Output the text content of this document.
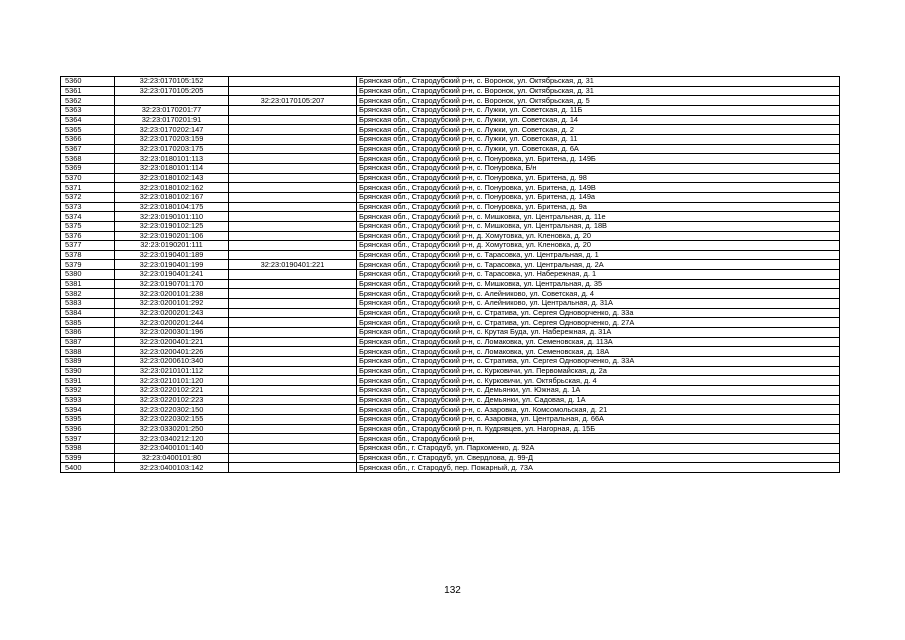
5360	32:23:0170105:152		Брянская обл., Стародубский р-н, с. Воронок, ул. Октябрьская, д. 31
5361	32:23:0170105:205		Брянская обл., Стародубский р-н, с. Воронок, ул. Октябрьская, д. 31
5362		32:23:0170105:207	Брянская обл., Стародубский р-н, с. Воронок, ул. Октябрьская, д. 5
5363	32:23:0170201:77		Брянская обл., Стародубский р-н, с. Лужки, ул. Советская, д. 11Б
5364	32:23:0170201:91		Брянская обл., Стародубский р-н, с. Лужки, ул. Советская, д. 14
5365	32:23:0170202:147		Брянская обл., Стародубский р-н, с. Лужки, ул. Советская, д. 2
5366	32:23:0170203:159		Брянская обл., Стародубский р-н, с. Лужки, ул. Советская, д. 11
5367	32:23:0170203:175		Брянская обл., Стародубский р-н, с. Лужки, ул. Советская, д. 6А
5368	32:23:0180101:113		Брянская обл., Стародубский р-н, с. Понуровка, ул. Бритена, д. 149Б
5369	32:23:0180101:114		Брянская обл., Стародубский р-н, с. Понуровка, Б/н
5370	32:23:0180102:143		Брянская обл., Стародубский р-н, с. Понуровка, ул. Бритена, д. 98
5371	32:23:0180102:162		Брянская обл., Стародубский р-н, с. Понуровка, ул. Бритена, д. 149В
5372	32:23:0180102:167		Брянская обл., Стародубский р-н, с. Понуровка, ул. Бритена, д. 149а
5373	32:23:0180104:175		Брянская обл., Стародубский р-н, с. Понуровка, ул. Бритена, д. 9а
5374	32:23:0190101:110		Брянская обл., Стародубский р-н, с. Мишковка, ул. Центральная, д. 11е
5375	32:23:0190102:125		Брянская обл., Стародубский р-н, с. Мишковка, ул. Центральная, д. 18В
5376	32:23:0190201:106		Брянская обл., Стародубский р-н, д. Хомутовка, ул. Кленовка, д. 20
5377	32:23:0190201:111		Брянская обл., Стародубский р-н, д. Хомутовка, ул. Кленовка, д. 20
5378	32:23:0190401:189		Брянская обл., Стародубский р-н, с. Тарасовка, ул. Центральная, д. 1
5379	32:23:0190401:199	32:23:0190401:221	Брянская обл., Стародубский р-н, с. Тарасовка, ул. Центральная, д. 2А
5380	32:23:0190401:241		Брянская обл., Стародубский р-н, с. Тарасовка, ул. Набережная, д. 1
5381	32:23:0190701:170		Брянская обл., Стародубский р-н, с. Мишковка, ул. Центральная, д. 35
5382	32:23:0200101:238		Брянская обл., Стародубский р-н, с. Алейниково, ул. Советская, д. 4
5383	32:23:0200101:292		Брянская обл., Стародубский р-н, с. Алейниково, ул. Центральная, д. 31А
5384	32:23:0200201:243		Брянская обл., Стародубский р-н, с. Стратива, ул. Сергея Одноворченко, д. 33а
5385	32:23:0200201:244		Брянская обл., Стародубский р-н, с. Стратива, ул. Сергея Одноворченко, д. 27А
5386	32:23:0200301:196		Брянская обл., Стародубский р-н, с. Крутая Буда, ул. Набережная, д. 31А
5387	32:23:0200401:221		Брянская обл., Стародубский р-н, с. Ломаковка, ул. Семеновская, д. 113А
5388	32:23:0200401:226		Брянская обл., Стародубский р-н, с. Ломаковка, ул. Семеновская, д. 18А
5389	32:23:0200610:340		Брянская обл., Стародубский р-н, с. Стратива, ул. Сергея Одноворченко, д. 33А
5390	32:23:0210101:112		Брянская обл., Стародубский р-н, с. Курковичи, ул. Первомайская, д. 2а
5391	32:23:0210101:120		Брянская обл., Стародубский р-н, с. Курковичи, ул. Октябрьская, д. 4
5392	32:23:0220102:221		Брянская обл., Стародубский р-н, с. Демьянки, ул. Южная, д. 1А
5393	32:23:0220102:223		Брянская обл., Стародубский р-н, с. Демьянки, ул. Садовая, д. 1А
5394	32:23:0220302:150		Брянская обл., Стародубский р-н, с. Азаровка, ул. Комсомольская, д. 21
5395	32:23:0220302:155		Брянская обл., Стародубский р-н, с. Азаровка, ул. Центральная, д. 66А
5396	32:23:0330201:250		Брянская обл., Стародубский р-н, п. Кудрявцев, ул. Нагорная, д. 15Б
5397	32:23:0340212:120		Брянская обл., Стародубский р-н,
5398	32:23:0400101:140		Брянская обл., г. Стародуб, ул. Пархоменко, д. 92А
5399	32:23:0400101:80		Брянская обл., г. Стародуб, ул. Свердлова, д. 99-Д
5400	32:23:0400103:142		Брянская обл., г. Стародуб, пер. Пожарный, д. 73А
132
